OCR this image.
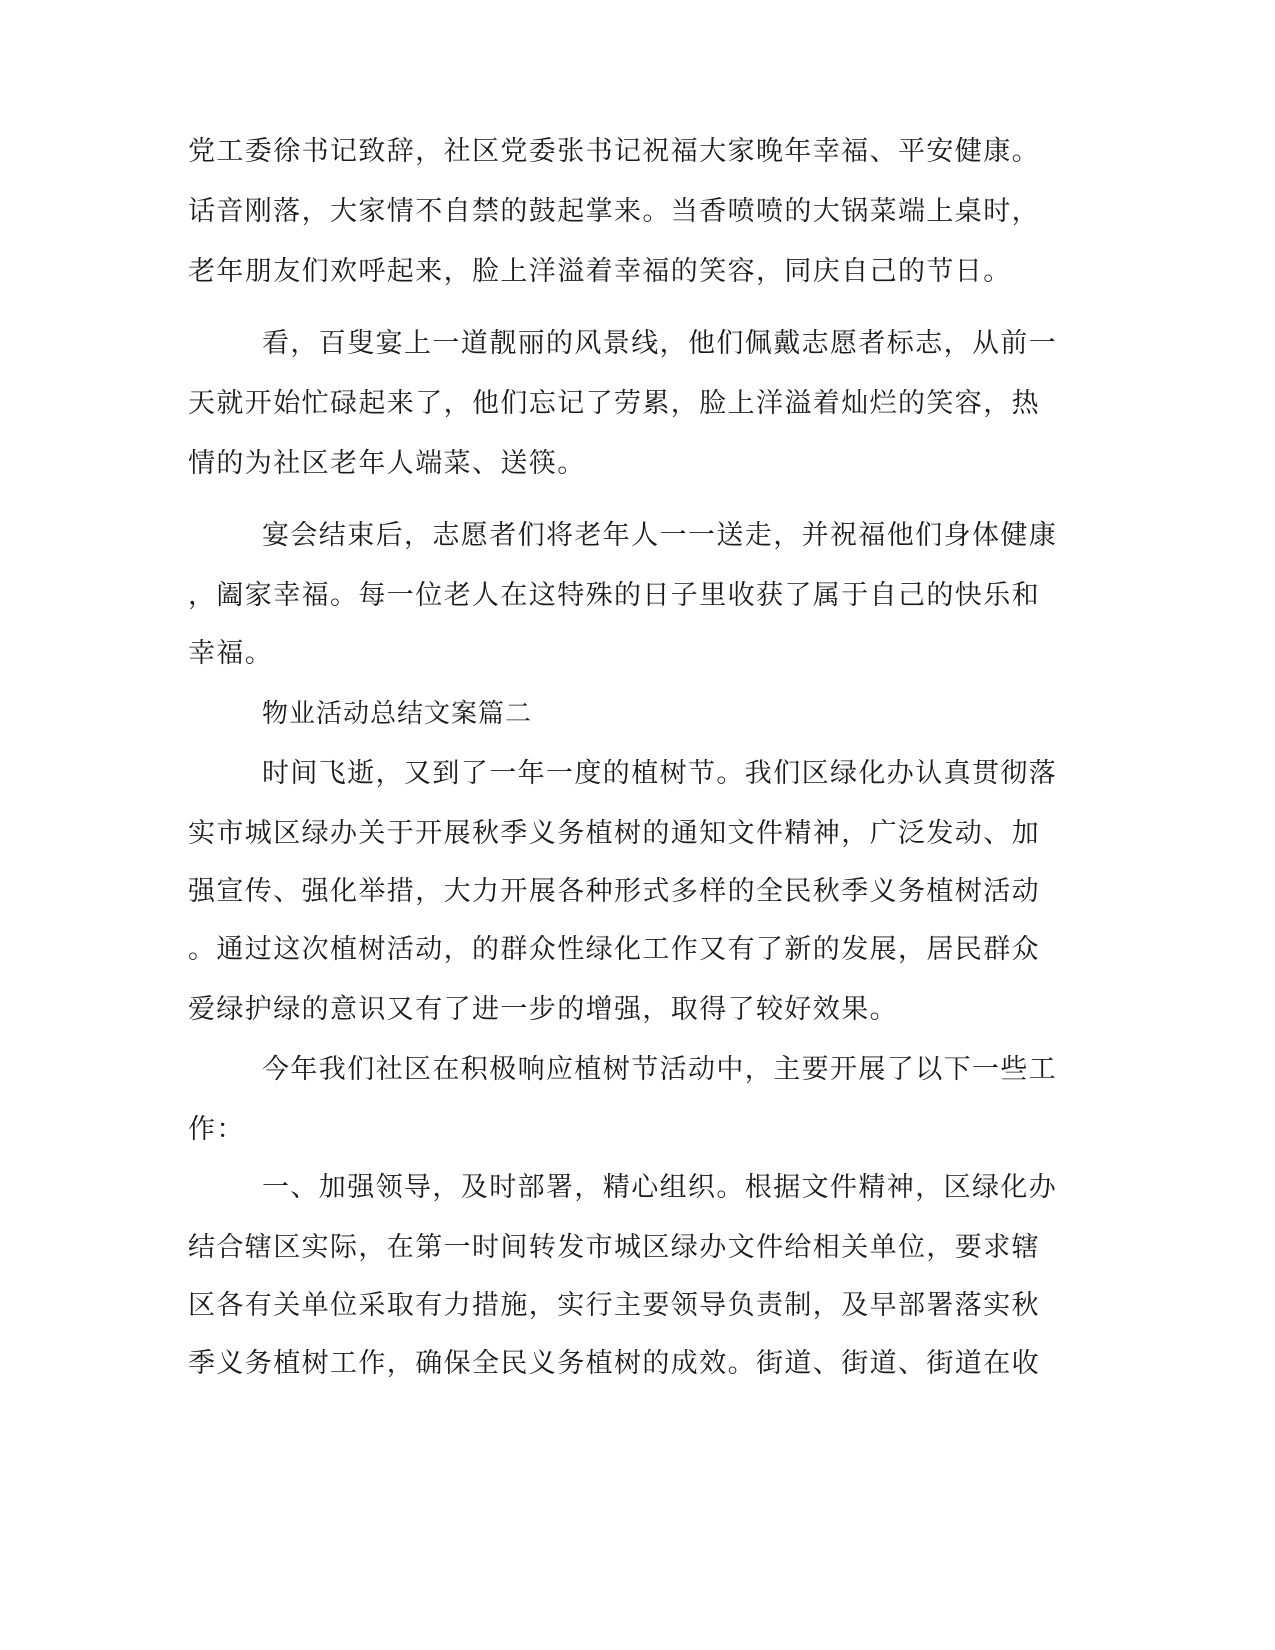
党工委徐书记致辞，社区党委张书记祝福大家晚年幸福、平安健康。
话音刚落，大家情不自禁的鼓起掌来。当香喷喷的大锅菜端上桌时，
老年朋友们欢呼起来，脸上洋溢着幸福的笑容，同庆自己的节日。
看，百叟宴上一道靓丽的风景线，他们佩戴志愿者标志，从前一
天就开始忙碌起来了，他们忘记了劳累，脸上洋溢着灿烂的笑容，热
情的为社区老年人端菜、送筷。
宴会结束后，志愿者们将老年人一一送走，并祝福他们身体健康
，阖家幸福。每一位老人在这特殊的日子里收获了属于自己的快乐和
幸福。
物业活动总结文案篇二
时间飞逝，又到了一年一度的植树节。我们区绿化办认真贯彻落
实市城区绿办关于开展秋季义务植树的通知文件精神，广泛发动、加
强宣传、强化举措，大力开展各种形式多样的全民秋季义务植树活动
。通过这次植树活动，的群众性绿化工作又有了新的发展，居民群众
爱绿护绿的意识又有了进一步的增强，取得了较好效果。
今年我们社区在积极响应植树节活动中，主要开展了以下一些工
作：
一、加强领导，及时部署，精心组织。根据文件精神，区绿化办
结合辖区实际，在第一时间转发市城区绿办文件给相关单位，要求辖
区各有关单位采取有力措施，实行主要领导负责制，及早部署落实秋
季义务植树工作，确保全民义务植树的成效。街道、街道、街道在收
